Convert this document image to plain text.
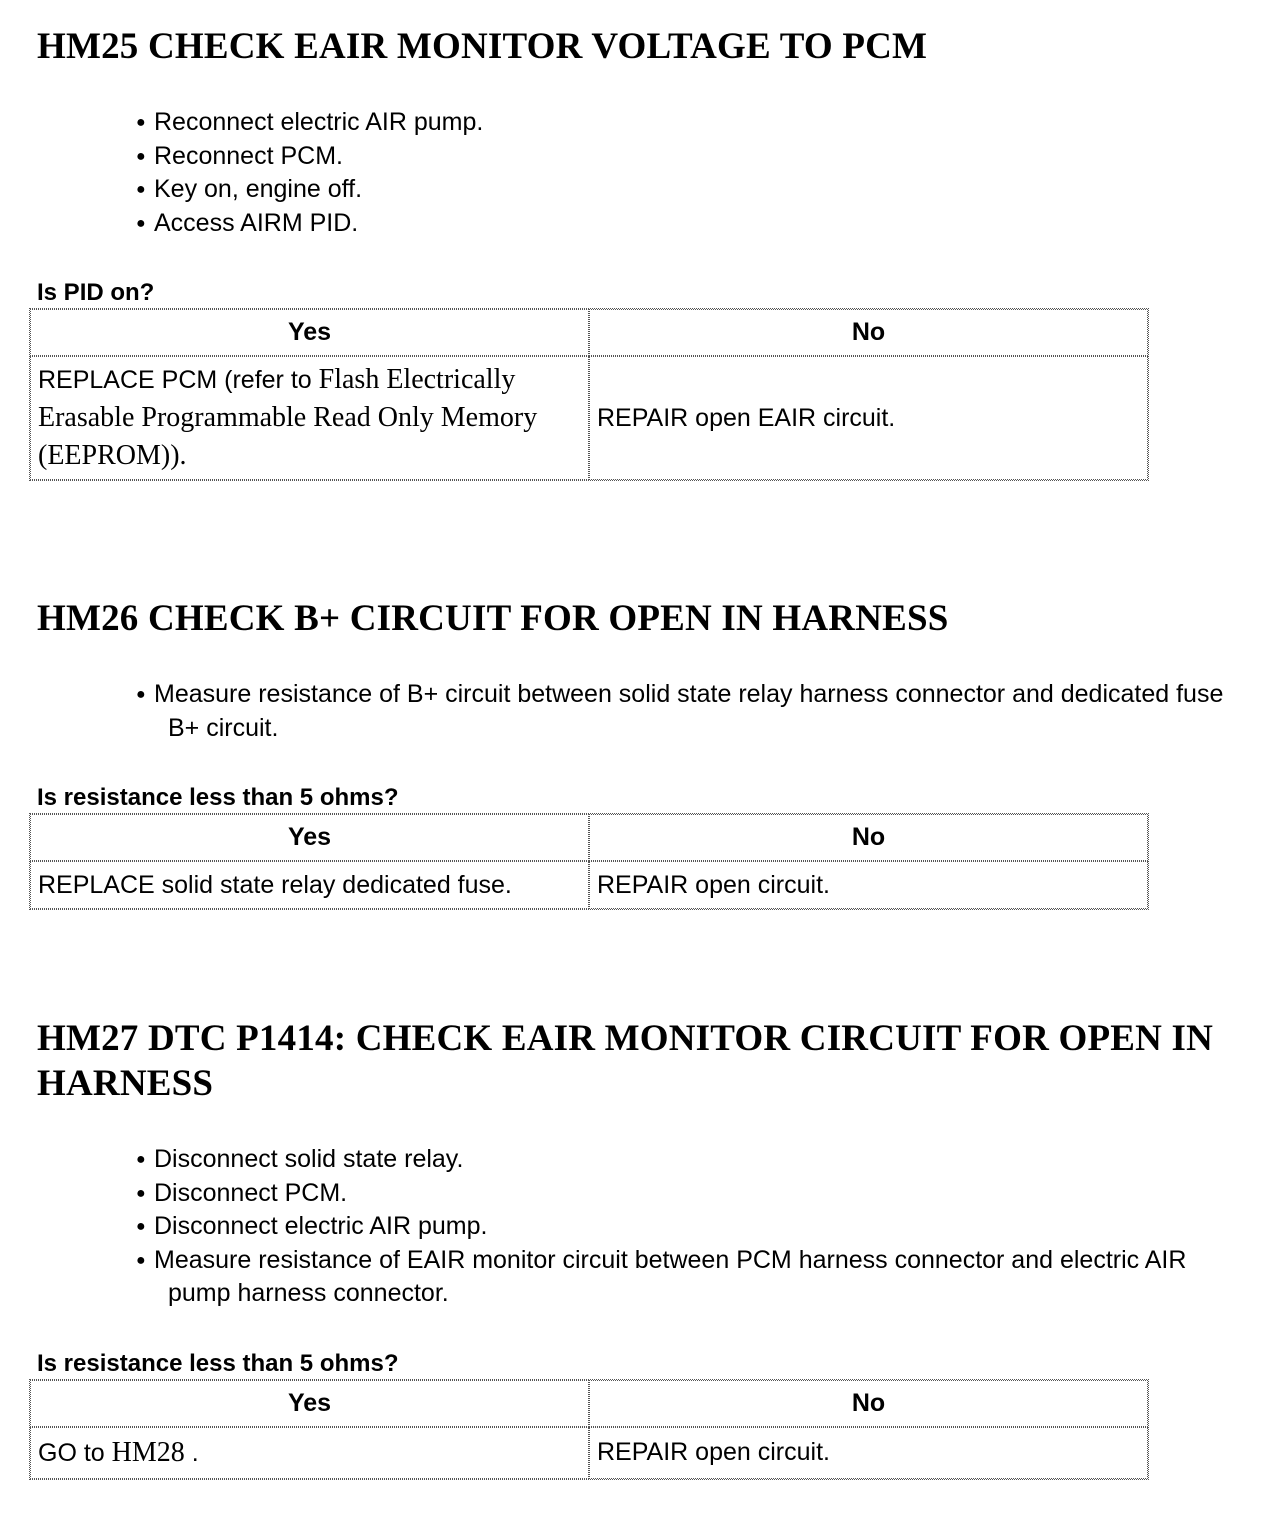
HM25 CHECK EAIR MONITOR VOLTAGE TO PCM
● Reconnect electric AIR pump.
● Reconnect PCM.
● Key on, engine off.
● Access AIRM PID.

Is PID on?

Yes	No
REPLACE PCM (refer to Flash Electrically Erasable Programmable Read Only Memory (EEPROM)).	REPAIR open EAIR circuit.
HM26 CHECK B+ CIRCUIT FOR OPEN IN HARNESS
● Measure resistance of B+ circuit between solid state relay harness connector and dedicated fuse B+ circuit.

Is resistance less than 5 ohms?

Yes	No
REPLACE solid state relay dedicated fuse.	REPAIR open circuit.
HM27 DTC P1414: CHECK EAIR MONITOR CIRCUIT FOR OPEN IN HARNESS
● Disconnect solid state relay.
● Disconnect PCM.
● Disconnect electric AIR pump.
● Measure resistance of EAIR monitor circuit between PCM harness connector and electric AIR pump harness connector.

Is resistance less than 5 ohms?

Yes	No
GO to HM28 .	REPAIR open circuit.
